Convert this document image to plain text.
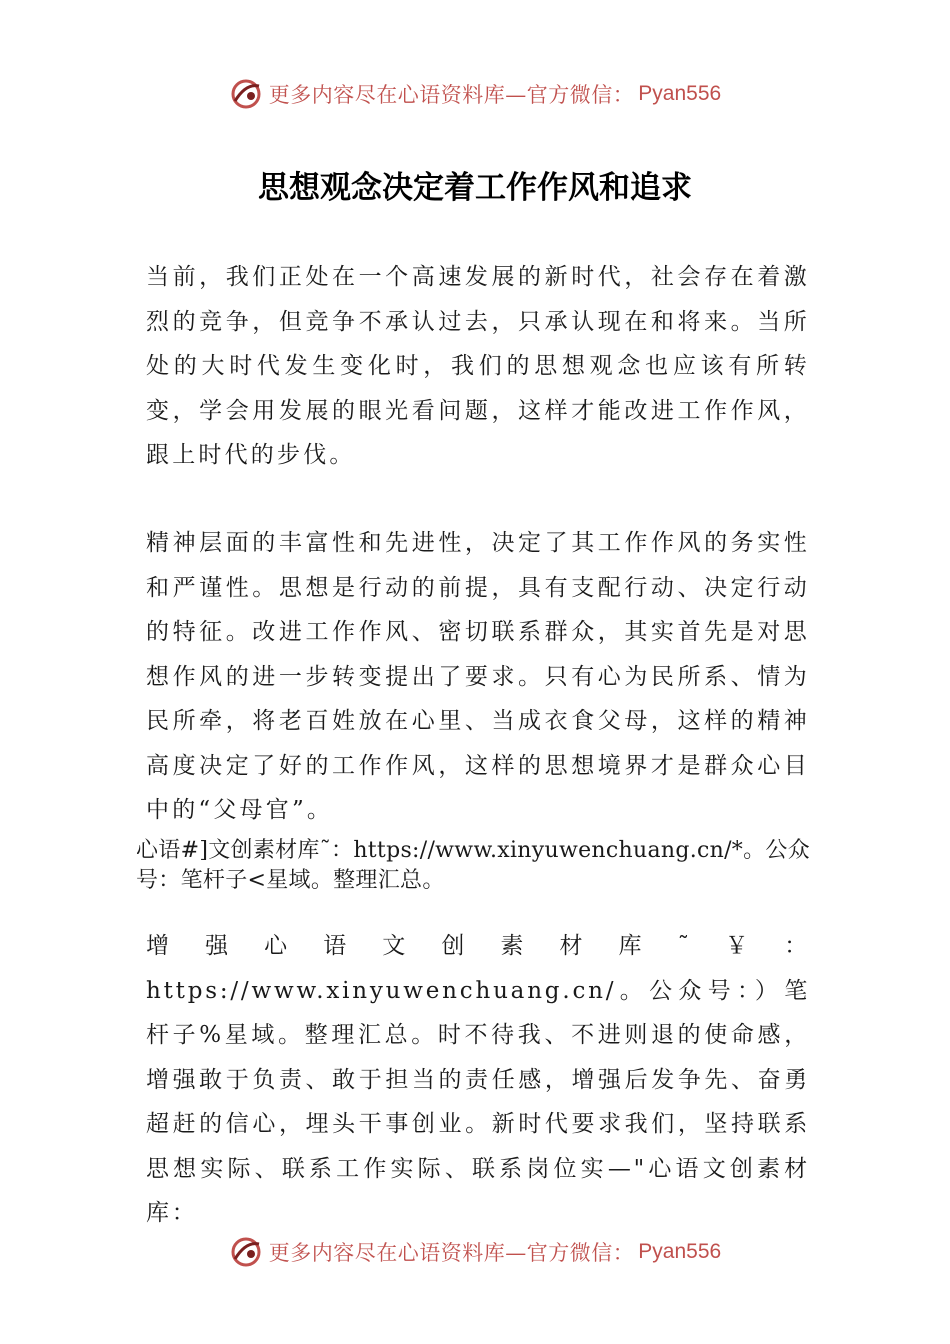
更多内容尽在心语资料库—官方微信： Pyan556
思想观念决定着工作作风和追求

当前，我们正处在一个高速发展的新时代，社会存在着激烈的竞争，但竞争不承认过去，只承认现在和将来。当所处的大时代发生变化时，我们的思想观念也应该有所转变，学会用发展的眼光看问题，这样才能改进工作作风，跟上时代的步伐。

精神层面的丰富性和先进性，决定了其工作作风的务实性和严谨性。思想是行动的前提，具有支配行动、决定行动的特征。改进工作作风、密切联系群众，其实首先是对思想作风的进一步转变提出了要求。只有心为民所系、情为民所牵，将老百姓放在心里、当成衣食父母，这样的精神高度决定了好的工作作风，这样的思想境界才是群众心目中的“父母官”。

心语#]文创素材库˜：https://www.xinyuwenchuang.cn/*。公众号：笔杆子<星域。整理汇总。

增强心语文创素材库˜￥：https://www.xinyuwenchuang.cn/。公众号：）笔杆子%星域。整理汇总。时不待我、不进则退的使命感，增强敢于负责、敢于担当的责任感，增强后发争先、奋勇超赶的信心，埋头干事创业。新时代要求我们，坚持联系思想实际、联系工作实际、联系岗位实—"心语文创素材库：

更多内容尽在心语资料库—官方微信： Pyan556
